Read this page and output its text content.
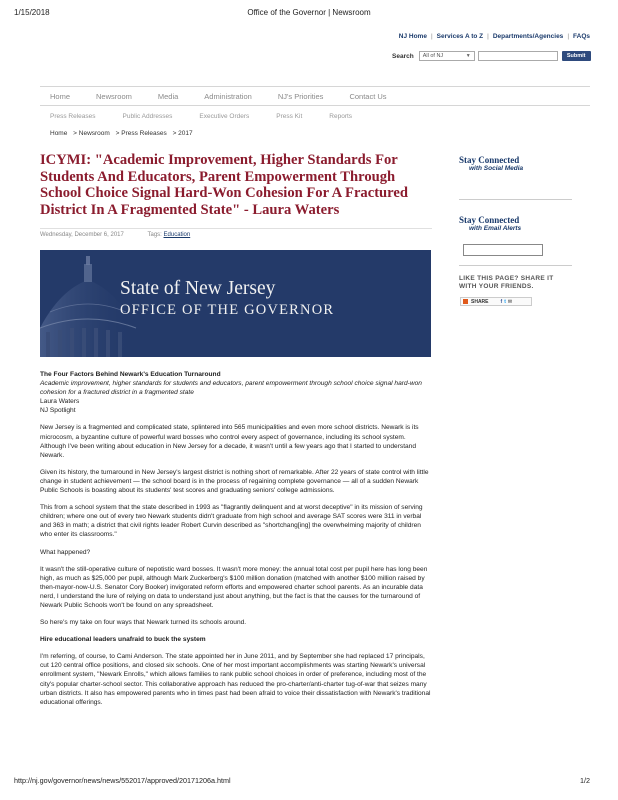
1/15/2018	Office of the Governor | Newsroom
NJ Home | Services A to Z | Departments/Agencies | FAQs
Search	All of NJ	▼	Submit
Home	Newsroom	Media	Administration	NJ's Priorities	Contact Us
Press Releases	Public Addresses	Executive Orders	Press Kit	Reports
Home > Newsroom > Press Releases > 2017
ICYMI: "Academic Improvement, Higher Standards For Students And Educators, Parent Empowerment Through School Choice Signal Hard-Won Cohesion For A Fractured District In A Fragmented State" - Laura Waters
Wednesday, December 6, 2017	Tags: Education
State of New Jersey
OFFICE OF THE GOVERNOR
Stay Connected
with Social Media
Stay Connected
with Email Alerts
LIKE THIS PAGE? SHARE IT
WITH YOUR FRIENDS.
SHARE f t ✉
The Four Factors Behind Newark's Education Turnaround
Academic improvement, higher standards for students and educators, parent empowerment through school choice signal hard-won cohesion for a fractured district in a fragmented state
Laura Waters
NJ Spotlight

New Jersey is a fragmented and complicated state, splintered into 565 municipalities and even more school districts. Newark is its microcosm, a byzantine culture of powerful ward bosses who control every aspect of governance, including its school system. Although I've been writing about education in New Jersey for a decade, it wasn't until a few years ago that I started to understand Newark.

Given its history, the turnaround in New Jersey's largest district is nothing short of remarkable. After 22 years of state control with little change in student achievement — the school board is in the process of regaining complete governance — all of a sudden Newark Public Schools is boasting about its students' test scores and graduating seniors' college admissions.

This from a school system that the state described in 1993 as "flagrantly delinquent and at worst deceptive" in its mission of serving children; where one out of every two Newark students didn't graduate from high school and average SAT scores were 311 in verbal and 363 in math; a district that civil rights leader Robert Curvin described as "shortchang[ing] the overwhelming majority of children who enter its classrooms."

What happened?

It wasn't the still-operative culture of nepotistic ward bosses. It wasn't more money: the annual total cost per pupil here has long been high, as much as $25,000 per pupil, although Mark Zuckerberg's $100 million donation (matched with another $100 million raised by then-mayor-now-U.S. Senator Cory Booker) invigorated reform efforts and empowered charter school parents. As an incurable data nerd, I understand the lure of relying on data to understand just about anything, but the fact is that the causes for the turnaround of Newark Public Schools won't be found on any spreadsheet.

So here's my take on four ways that Newark turned its schools around.

Hire educational leaders unafraid to buck the system

I'm referring, of course, to Cami Anderson. The state appointed her in June 2011, and by September she had replaced 17 principals, cut 120 central office positions, and closed six schools. One of her most important accomplishments was starting Newark's universal enrollment system, "Newark Enrolls," which allows families to rank public school choices in order of preference, including most of the city's popular charter-school sector. This collaborative approach has reduced the pro-charter/anti-charter tug-of-war that seizes many urban districts. It also has empowered parents who in times past had been afraid to voice their dissatisfaction with Newark's traditional educational offerings.

http://nj.gov/governor/news/news/552017/approved/20171206a.html	1/2
